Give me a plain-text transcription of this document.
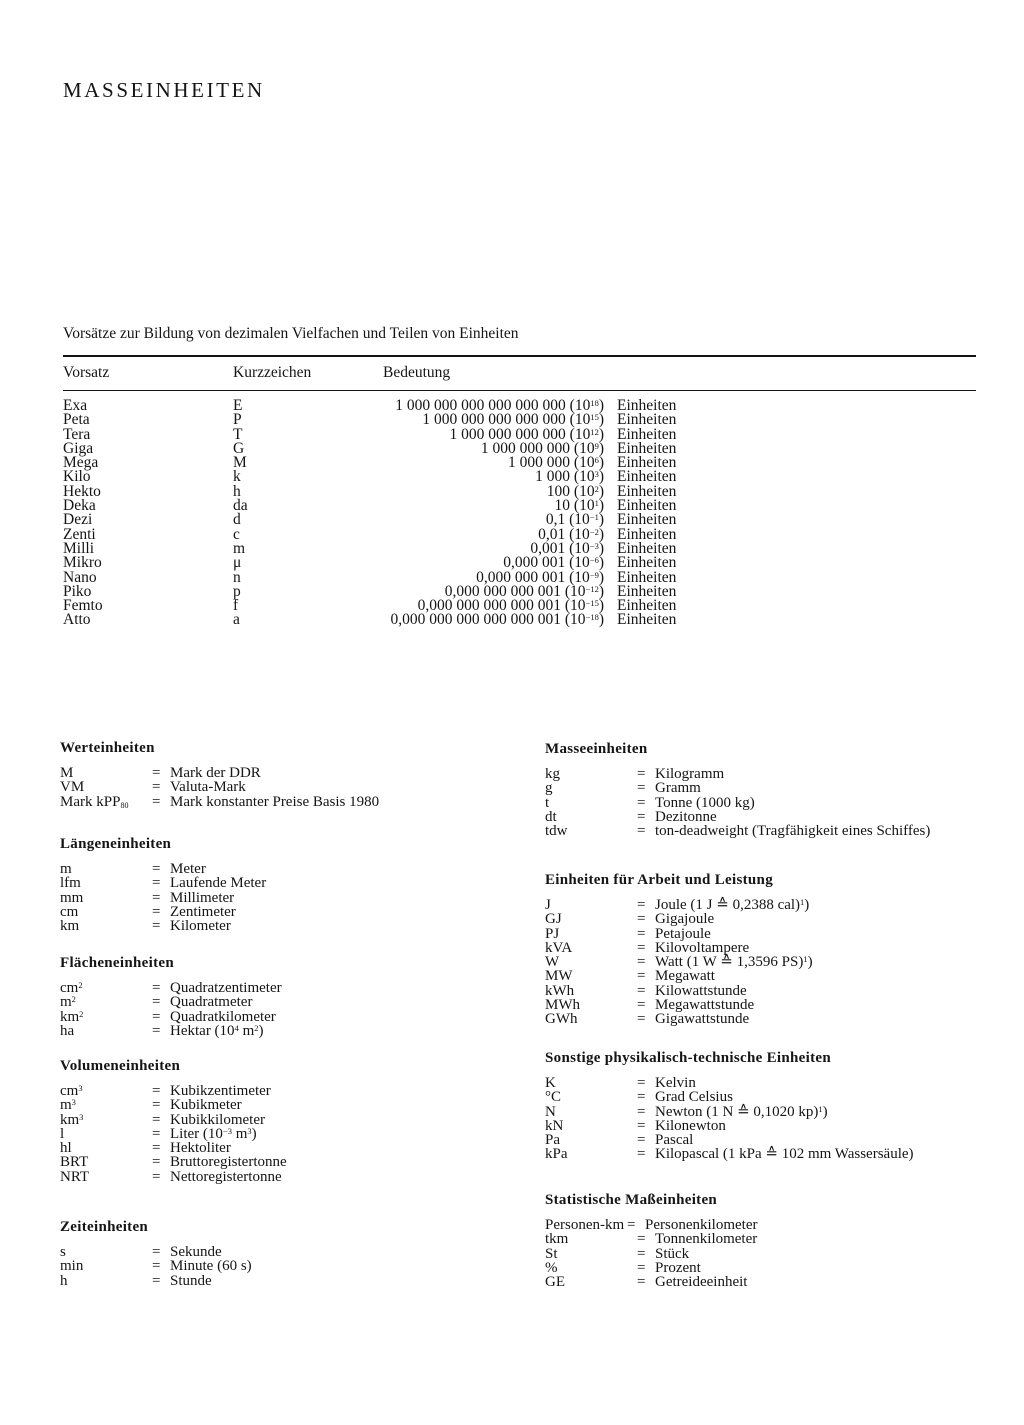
MASSEINHEITEN
Vorsätze zur Bildung von dezimalen Vielfachen und Teilen von Einheiten
Vorsatz	Kurzzeichen	Bedeutung
Exa	E	1 000 000 000 000 000 000 $(10^{18})$ Einheiten
Peta	P	1 000 000 000 000 000 $(10^{15})$ Einheiten
Tera	T	1 000 000 000 000 $(10^{12})$ Einheiten
Giga	G	1 000 000 000 $(10^9)$ Einheiten
Mega	M	1 000 000 $(10^6)$ Einheiten
Kilo	k	1 000 $(10^3)$ Einheiten
Hekto	h	100 $(10^2)$ Einheiten
Deka	da	10 $(10^1)$ Einheiten
Dezi	d	0,1 $(10^{-1})$ Einheiten
Zenti	c	0,01 $(10^{-2})$ Einheiten
Milli	m	0,001 $(10^{-3})$ Einheiten
Mikro	μ	0,000 001 $(10^{-6})$ Einheiten
Nano	n	0,000 000 001 $(10^{-9})$ Einheiten
Piko	p	0,000 000 000 001 $(10^{-12})$ Einheiten
Femto	f	0,000 000 000 000 001 $(10^{-15})$ Einheiten
Atto	a	0,000 000 000 000 000 001 $(10^{-18})$ Einheiten
Werteinheiten
M	= Mark der DDR
VM	= Valuta-Mark
Mark kPP$_{80}$ = Mark konstanter Preise Basis 1980
Längeneinheiten
m	= Meter
lfm	= Laufende Meter
mm	= Millimeter
cm	= Zentimeter
km	= Kilometer
Flächeneinheiten
$cm^2$	= Quadratzentimeter
$m^2$	= Quadratmeter
$km^2$	= Quadratkilometer
ha	= Hektar ($10^4$ $m^2$)
Volumeneinheiten
$cm^3$	= Kubikzentimeter
$m^3$	= Kubikmeter
$km^3$	= Kubikkilometer
l	= Liter ($10^{-3}$ $m^3$)
hl	= Hektoliter
BRT	= Bruttoregistertonne
NRT	= Nettoregistertonne
Zeiteinheiten
s	= Sekunde
min	= Minute (60 s)
h	= Stunde
Masseeinheiten
kg	= Kilogramm
g	= Gramm
t	= Tonne (1000 kg)
dt	= Dezitonne
tdw	= ton-deadweight (Tragfähigkeit eines Schiffes)
Einheiten für Arbeit und Leistung
J	= Joule (1 J ≙ 0,2388 cal)$^1$)
GJ	= Gigajoule
PJ	= Petajoule
kVA	= Kilovoltampere
W	= Watt (1 W ≙ 1,3596 PS)$^1$)
MW	= Megawatt
kWh	= Kilowattstunde
MWh	= Megawattstunde
GWh	= Gigawattstunde
Sonstige physikalisch-technische Einheiten
K	= Kelvin
°C	= Grad Celsius
N	= Newton (1 N ≙ 0,1020 kp)$^1$)
kN	= Kilonewton
Pa	= Pascal
kPa	= Kilopascal (1 kPa ≙ 102 mm Wassersäule)
Statistische Maßeinheiten
Personen-km = Personenkilometer
tkm	= Tonnenkilometer
St	= Stück
%	= Prozent
GE	= Getreideeinheit
